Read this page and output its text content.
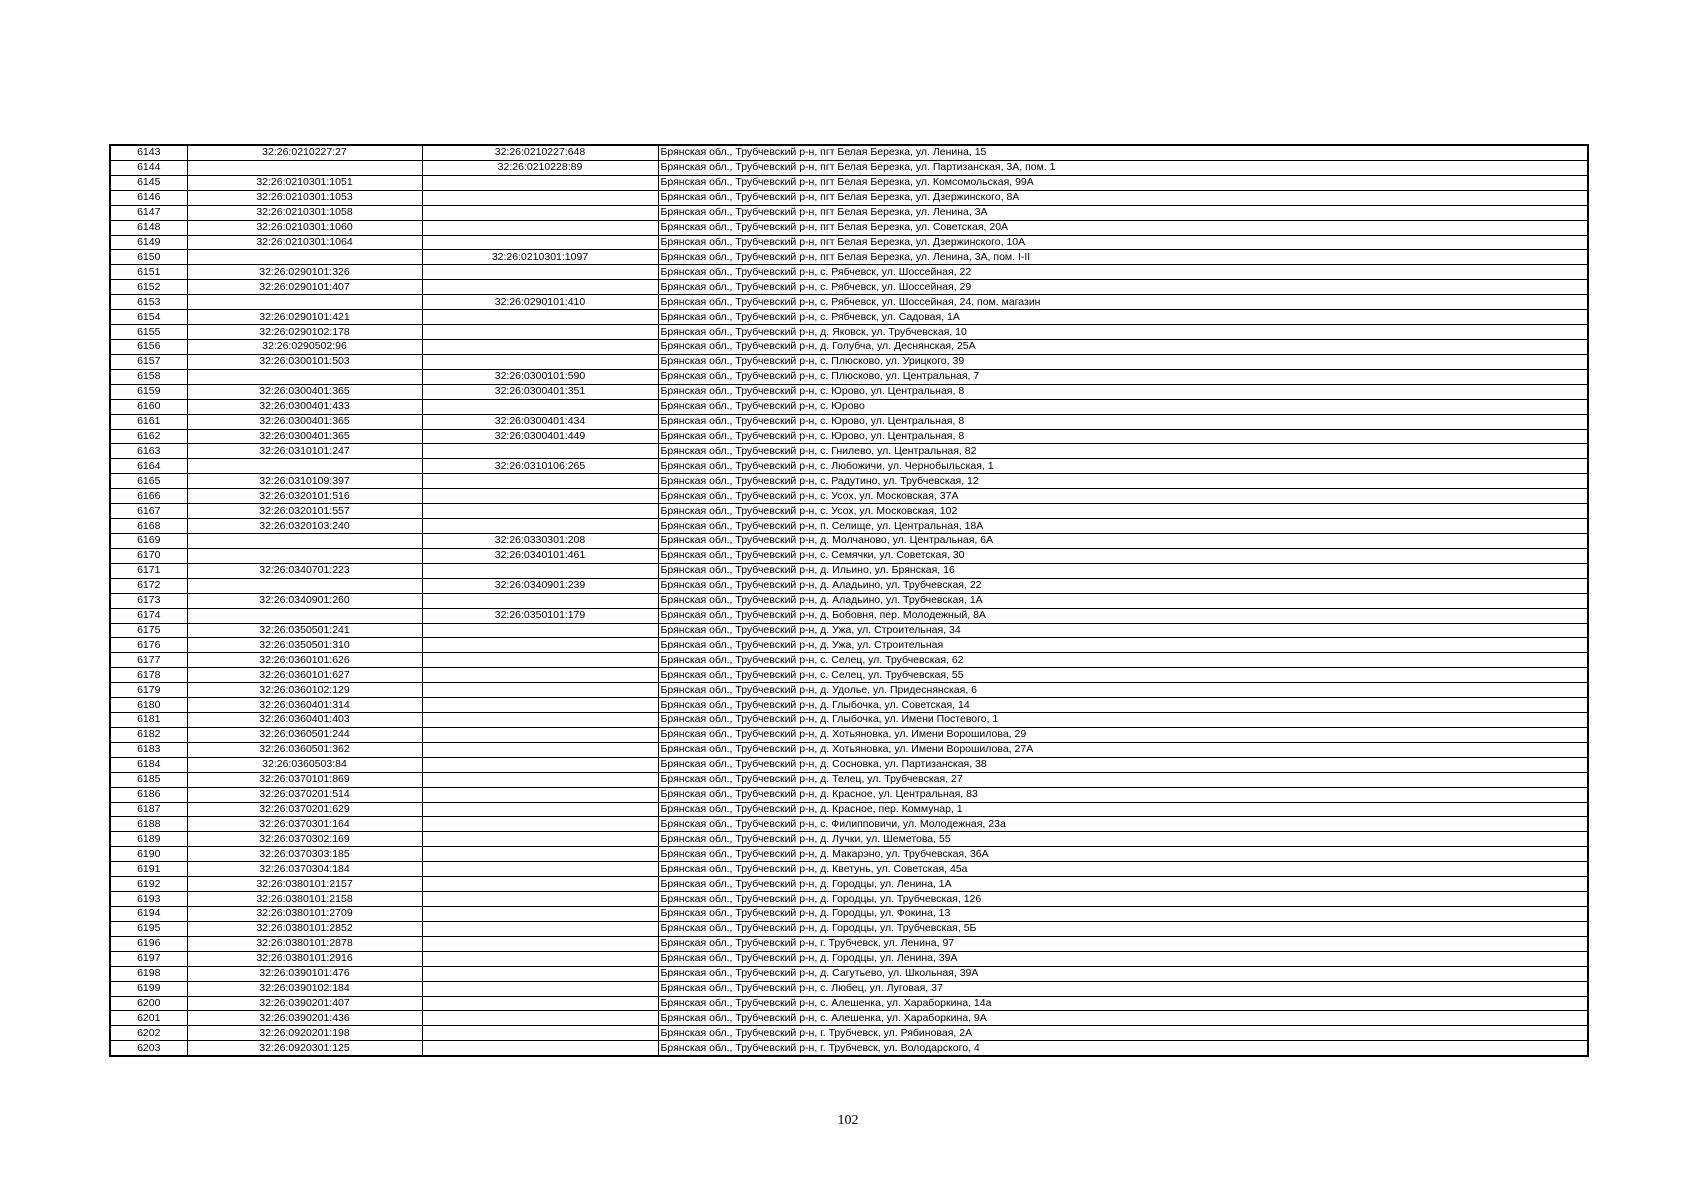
6143	32:26:0210227:27	32:26:0210227:648	Брянская обл., Трубчевский р-н, пгт Белая Березка, ул. Ленина, 15
6144		32:26:0210228:89	Брянская обл., Трубчевский р-н, пгт Белая Березка, ул. Партизанская, 3А, пом. 1
6145	32:26:0210301:1051		Брянская обл., Трубчевский р-н, пгт Белая Березка, ул. Комсомольская, 99А
6146	32:26:0210301:1053		Брянская обл., Трубчевский р-н, пгт Белая Березка, ул. Дзержинского, 8А
6147	32:26:0210301:1058		Брянская обл., Трубчевский р-н, пгт Белая Березка, ул. Ленина, 3А
6148	32:26:0210301:1060		Брянская обл., Трубчевский р-н, пгт Белая Березка, ул. Советская, 20А
6149	32:26:0210301:1064		Брянская обл., Трубчевский р-н, пгт Белая Березка, ул. Дзержинского, 10А
6150		32:26:0210301:1097	Брянская обл., Трубчевский р-н, пгт Белая Березка, ул. Ленина, 3А, пом. I-II
6151	32:26:0290101:326		Брянская обл., Трубчевский р-н, с. Рябчевск, ул. Шоссейная, 22
6152	32:26:0290101:407		Брянская обл., Трубчевский р-н, с. Рябчевск, ул. Шоссейная, 29
6153		32:26:0290101:410	Брянская обл., Трубчевский р-н, с. Рябчевск, ул. Шоссейная, 24, пом. магазин
6154	32:26:0290101:421		Брянская обл., Трубчевский р-н, с. Рябчевск, ул. Садовая, 1А
6155	32:26:0290102:178		Брянская обл., Трубчевский р-н, д. Яковск, ул. Трубчевская, 10
6156	32:26:0290502:96		Брянская обл., Трубчевский р-н, д. Голубча, ул. Деснянская, 25А
6157	32:26:0300101:503		Брянская обл., Трубчевский р-н, с. Плюсково, ул. Урицкого, 39
6158		32:26:0300101:590	Брянская обл., Трубчевский р-н, с. Плюсково, ул. Центральная, 7
6159	32:26:0300401:365	32:26:0300401:351	Брянская обл., Трубчевский р-н, с. Юрово, ул. Центральная, 8
6160	32:26:0300401:433		Брянская обл., Трубчевский р-н, с. Юрово
6161	32:26:0300401:365	32:26:0300401:434	Брянская обл., Трубчевский р-н, с. Юрово, ул. Центральная, 8
6162	32:26:0300401:365	32:26:0300401:449	Брянская обл., Трубчевский р-н, с. Юрово, ул. Центральная, 8
6163	32:26:0310101:247		Брянская обл., Трубчевский р-н, с. Гнилево, ул. Центральная, 82
6164		32:26:0310106:265	Брянская обл., Трубчевский р-н, с. Любожичи, ул. Чернобыльская, 1
6165	32:26:0310109:397		Брянская обл., Трубчевский р-н, с. Радутино, ул. Трубчевская, 12
6166	32:26:0320101:516		Брянская обл., Трубчевский р-н, с. Усох, ул. Московская, 37А
6167	32:26:0320101:557		Брянская обл., Трубчевский р-н, с. Усох, ул. Московская, 102
6168	32:26:0320103:240		Брянская обл., Трубчевский р-н, п. Селище, ул. Центральная, 18А
6169		32:26:0330301:208	Брянская обл., Трубчевский р-н, д. Молчаново, ул. Центральная, 6А
6170		32:26:0340101:461	Брянская обл., Трубчевский р-н, с. Семячки, ул. Советская, 30
6171	32:26:0340701:223		Брянская обл., Трубчевский р-н, д. Ильино, ул. Брянская, 16
6172		32:26:0340901:239	Брянская обл., Трубчевский р-н, д. Аладьино, ул. Трубчевская, 22
6173	32:26:0340901:260		Брянская обл., Трубчевский р-н, д. Аладьино, ул. Трубчевская, 1А
6174		32:26:0350101:179	Брянская обл., Трубчевский р-н, д. Бобовня, пер. Молодежный, 8А
6175	32:26:0350501:241		Брянская обл., Трубчевский р-н, д. Ужа, ул. Строительная, 34
6176	32:26:0350501:310		Брянская обл., Трубчевский р-н, д. Ужа, ул. Строительная
6177	32:26:0360101:626		Брянская обл., Трубчевский р-н, с. Селец, ул. Трубчевская, 62
6178	32:26:0360101:627		Брянская обл., Трубчевский р-н, с. Селец, ул. Трубчевская, 55
6179	32:26:0360102:129		Брянская обл., Трубчевский р-н, д. Удолье, ул. Придеснянская, 6
6180	32:26:0360401:314		Брянская обл., Трубчевский р-н, д. Глыбочка, ул. Советская, 14
6181	32:26:0360401:403		Брянская обл., Трубчевский р-н, д. Глыбочка, ул. Имени Постевого, 1
6182	32:26:0360501:244		Брянская обл., Трубчевский р-н, д. Хотьяновка, ул. Имени Ворошилова, 29
6183	32:26:0360501:362		Брянская обл., Трубчевский р-н, д. Хотьяновка, ул. Имени Ворошилова, 27А
6184	32:26:0360503:84		Брянская обл., Трубчевский р-н, д. Сосновка, ул. Партизанская, 38
6185	32:26:0370101:869		Брянская обл., Трубчевский р-н, д. Телец, ул. Трубчевская, 27
6186	32:26:0370201:514		Брянская обл., Трубчевский р-н, д. Красное, ул. Центральная, 83
6187	32:26:0370201:629		Брянская обл., Трубчевский р-н, д. Красное, пер. Коммунар, 1
6188	32:26:0370301:164		Брянская обл., Трубчевский р-н, с. Филипповичи, ул. Молодежная, 23а
6189	32:26:0370302:169		Брянская обл., Трубчевский р-н, д. Лучки, ул. Шеметова, 55
6190	32:26:0370303:185		Брянская обл., Трубчевский р-н, д. Макарэно, ул. Трубчевская, 36А
6191	32:26:0370304:184		Брянская обл., Трубчевский р-н, д. Кветунь, ул. Советская, 45а
6192	32:26:0380101:2157		Брянская обл., Трубчевский р-н, д. Городцы, ул. Ленина, 1А
6193	32:26:0380101:2158		Брянская обл., Трубчевский р-н, д. Городцы, ул. Трубчевская, 126
6194	32:26:0380101:2709		Брянская обл., Трубчевский р-н, д. Городцы, ул. Фокина, 13
6195	32:26:0380101:2852		Брянская обл., Трубчевский р-н, д. Городцы, ул. Трубчевская, 5Б
6196	32:26:0380101:2878		Брянская обл., Трубчевский р-н, г. Трубчевск, ул. Ленина, 97
6197	32:26:0380101:2916		Брянская обл., Трубчевский р-н, д. Городцы, ул. Ленина, 39А
6198	32:26:0390101:476		Брянская обл., Трубчевский р-н, д. Сагутьево, ул. Школьная, 39А
6199	32:26:0390102:184		Брянская обл., Трубчевский р-н, с. Любец, ул. Луговая, 37
6200	32:26:0390201:407		Брянская обл., Трубчевский р-н, с. Алешенка, ул. Хараборкина, 14а
6201	32:26:0390201:436		Брянская обл., Трубчевский р-н, с. Алешенка, ул. Хараборкина, 9А
6202	32:26:0920201:198		Брянская обл., Трубчевский р-н, г. Трубчевск, ул. Рябиновая, 2А
6203	32:26:0920301:125		Брянская обл., Трубчевский р-н, г. Трубчевск, ул. Володарского, 4
102
